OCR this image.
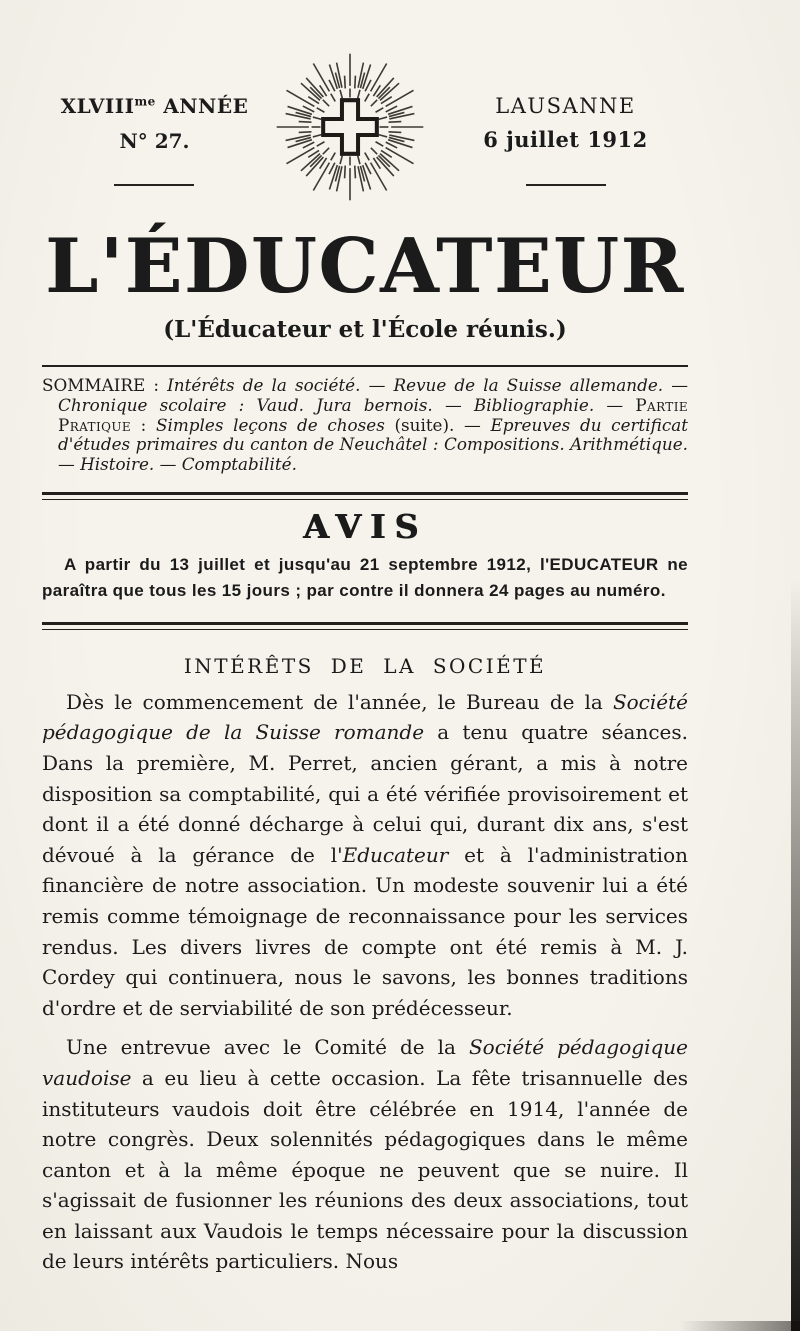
$XLVIII^{me}$ ANNÉE
N° 27.
LAUSANNE
6 juillet 1912
L'ÉDUCATEUR
(L'Éducateur et l'École réunis.)

SOMMAIRE : Intérêts de la société. — Revue de la Suisse allemande. — Chronique scolaire : Vaud. Jura bernois. — Bibliographie. — Partie Pratique : Simples leçons de choses (suite). — Epreuves du certificat d'études primaires du canton de Neuchâtel : Compositions. Arithmétique. — Histoire. — Comptabilité.

AVIS

A partir du 13 juillet et jusqu'au 21 septembre 1912, l'EDUCATEUR ne paraîtra que tous les 15 jours ; par contre il donnera 24 pages au numéro.

INTÉRÊTS DE LA SOCIÉTÉ

Dès le commencement de l'année, le Bureau de la Société pédagogique de la Suisse romande a tenu quatre séances. Dans la première, M. Perret, ancien gérant, a mis à notre disposition sa comptabilité, qui a été vérifiée provisoirement et dont il a été donné décharge à celui qui, durant dix ans, s'est dévoué à la gérance de l'Educateur et à l'administration financière de notre association. Un modeste souvenir lui a été remis comme témoignage de reconnaissance pour les services rendus. Les divers livres de compte ont été remis à M. J. Cordey qui continuera, nous le savons, les bonnes traditions d'ordre et de serviabilité de son prédécesseur.

Une entrevue avec le Comité de la Société pédagogique vaudoise a eu lieu à cette occasion. La fête trisannuelle des instituteurs vaudois doit être célébrée en 1914, l'année de notre congrès. Deux solennités pédagogiques dans le même canton et à la même époque ne peuvent que se nuire. Il s'agissait de fusionner les réunions des deux associations, tout en laissant aux Vaudois le temps nécessaire pour la discussion de leurs intérêts particuliers. Nous
